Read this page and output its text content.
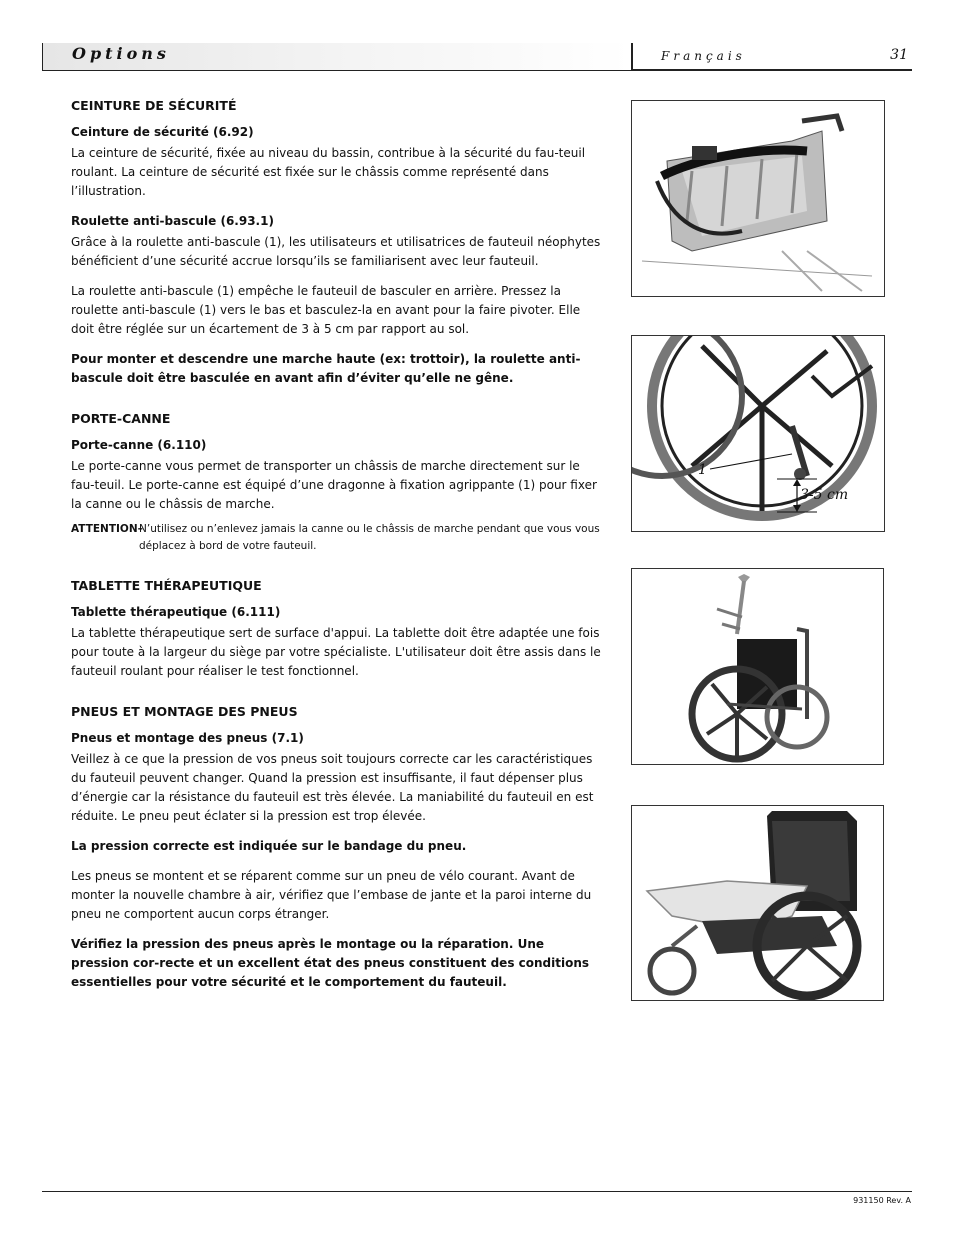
Options	Français	31
CEINTURE DE SÉCURITÉ
Ceinture de sécurité (6.92)

La ceinture de sécurité, fixée au niveau du bassin, contribue à la sécurité du fau-teuil roulant. La ceinture de sécurité est fixée sur le châssis comme représenté dans l’illustration.

Roulette anti-bascule (6.93.1)

Grâce à la roulette anti-bascule (1), les utilisateurs et utilisatrices de fauteuil néophytes bénéficient d’une sécurité accrue lorsqu’ils se familiarisent avec leur fauteuil.

La roulette anti-bascule (1) empêche le fauteuil de basculer en arrière. Pressez la roulette anti-bascule (1) vers le bas et basculez-la en avant pour la faire pivoter. Elle doit être réglée sur un écartement de 3 à 5 cm par rapport au sol.

Pour monter et descendre une marche haute (ex: trottoir), la roulette anti-bascule doit être basculée en avant afin d’éviter qu’elle ne gêne.

PORTE-CANNE
Porte-canne (6.110)

Le porte-canne vous permet de transporter un châssis de marche directement sur le fau-teuil. Le porte-canne est équipé d’une dragonne à fixation agrippante (1) pour fixer la canne ou le châssis de marche.

ATTENTION–
N’utilisez ou n’enlevez jamais la canne ou le châssis de marche pendant que vous vous déplacez à bord de votre fauteuil.
TABLETTE THÉRAPEUTIQUE
Tablette thérapeutique (6.111)

La tablette thérapeutique sert de surface d'appui. La tablette doit être adaptée une fois pour toute à la largeur du siège par votre spécialiste. L'utilisateur doit être assis dans le fauteuil roulant pour réaliser le test fonctionnel.

PNEUS ET MONTAGE DES PNEUS
Pneus et montage des pneus (7.1)

Veillez à ce que la pression de vos pneus soit toujours correcte car les caractéristiques du fauteuil peuvent changer. Quand la pression est insuffisante, il faut dépenser plus d’énergie car la résistance du fauteuil est très élevée. La maniabilité du fauteuil en est réduite. Le pneu peut éclater si la pression est trop élevée.

La pression correcte est indiquée sur le bandage du pneu.

Les pneus se montent et se réparent comme sur un pneu de vélo courant. Avant de monter la nouvelle chambre à air, vérifiez que l’embase de jante et la paroi interne du pneu ne comportent aucun corps étranger.

Vérifiez la pression des pneus après le montage ou la réparation. Une pression cor-recte et un excellent état des pneus constituent des conditions essentielles pour votre sécurité et le comportement du fauteuil.

1
3-5 cm
931150 Rev. A
